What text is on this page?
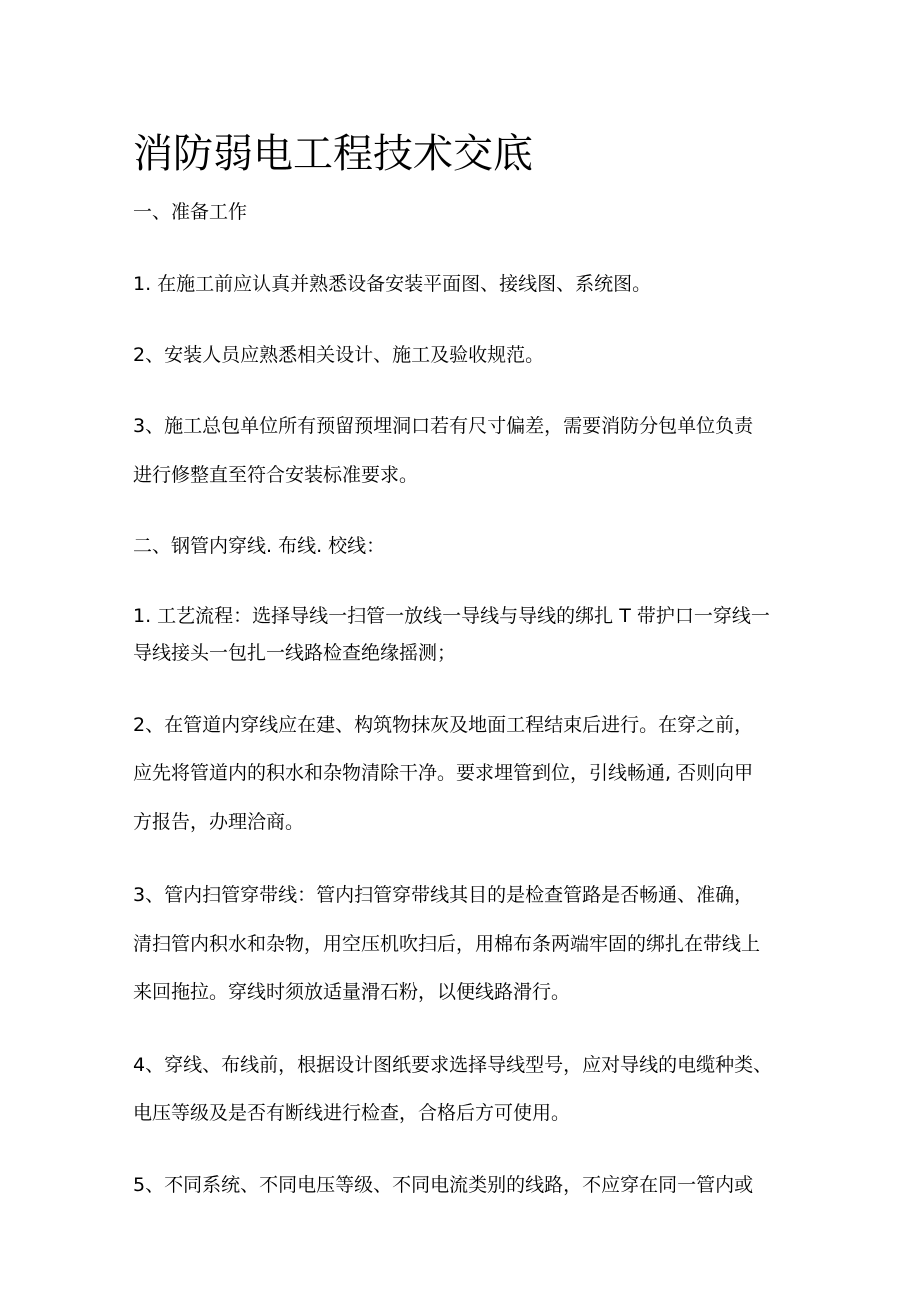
消防弱电工程技术交底

一、准备工作

1. 在施工前应认真并熟悉设备安装平面图、接线图、系统图。

2、安装人员应熟悉相关设计、施工及验收规范。

3、施工总包单位所有预留预埋洞口若有尺寸偏差，需要消防分包单位负责

进行修整直至符合安装标准要求。

二、钢管内穿线. 布线. 校线：

1. 工艺流程：选择导线一扫管一放线一导线与导线的绑扎 T 带护口一穿线一

导线接头一包扎一线路检查绝缘摇测；

2、在管道内穿线应在建、构筑物抹灰及地面工程结束后进行。在穿之前，

应先将管道内的积水和杂物清除干净。要求埋管到位，引线畅通, 否则向甲

方报告，办理洽商。

3、管内扫管穿带线：管内扫管穿带线其目的是检查管路是否畅通、准确，

清扫管内积水和杂物，用空压机吹扫后，用棉布条两端牢固的绑扎在带线上

来回拖拉。穿线时须放适量滑石粉，以便线路滑行。

4、穿线、布线前，根据设计图纸要求选择导线型号，应对导线的电缆种类、

电压等级及是否有断线进行检查，合格后方可使用。

5、不同系统、不同电压等级、不同电流类别的线路，不应穿在同一管内或
